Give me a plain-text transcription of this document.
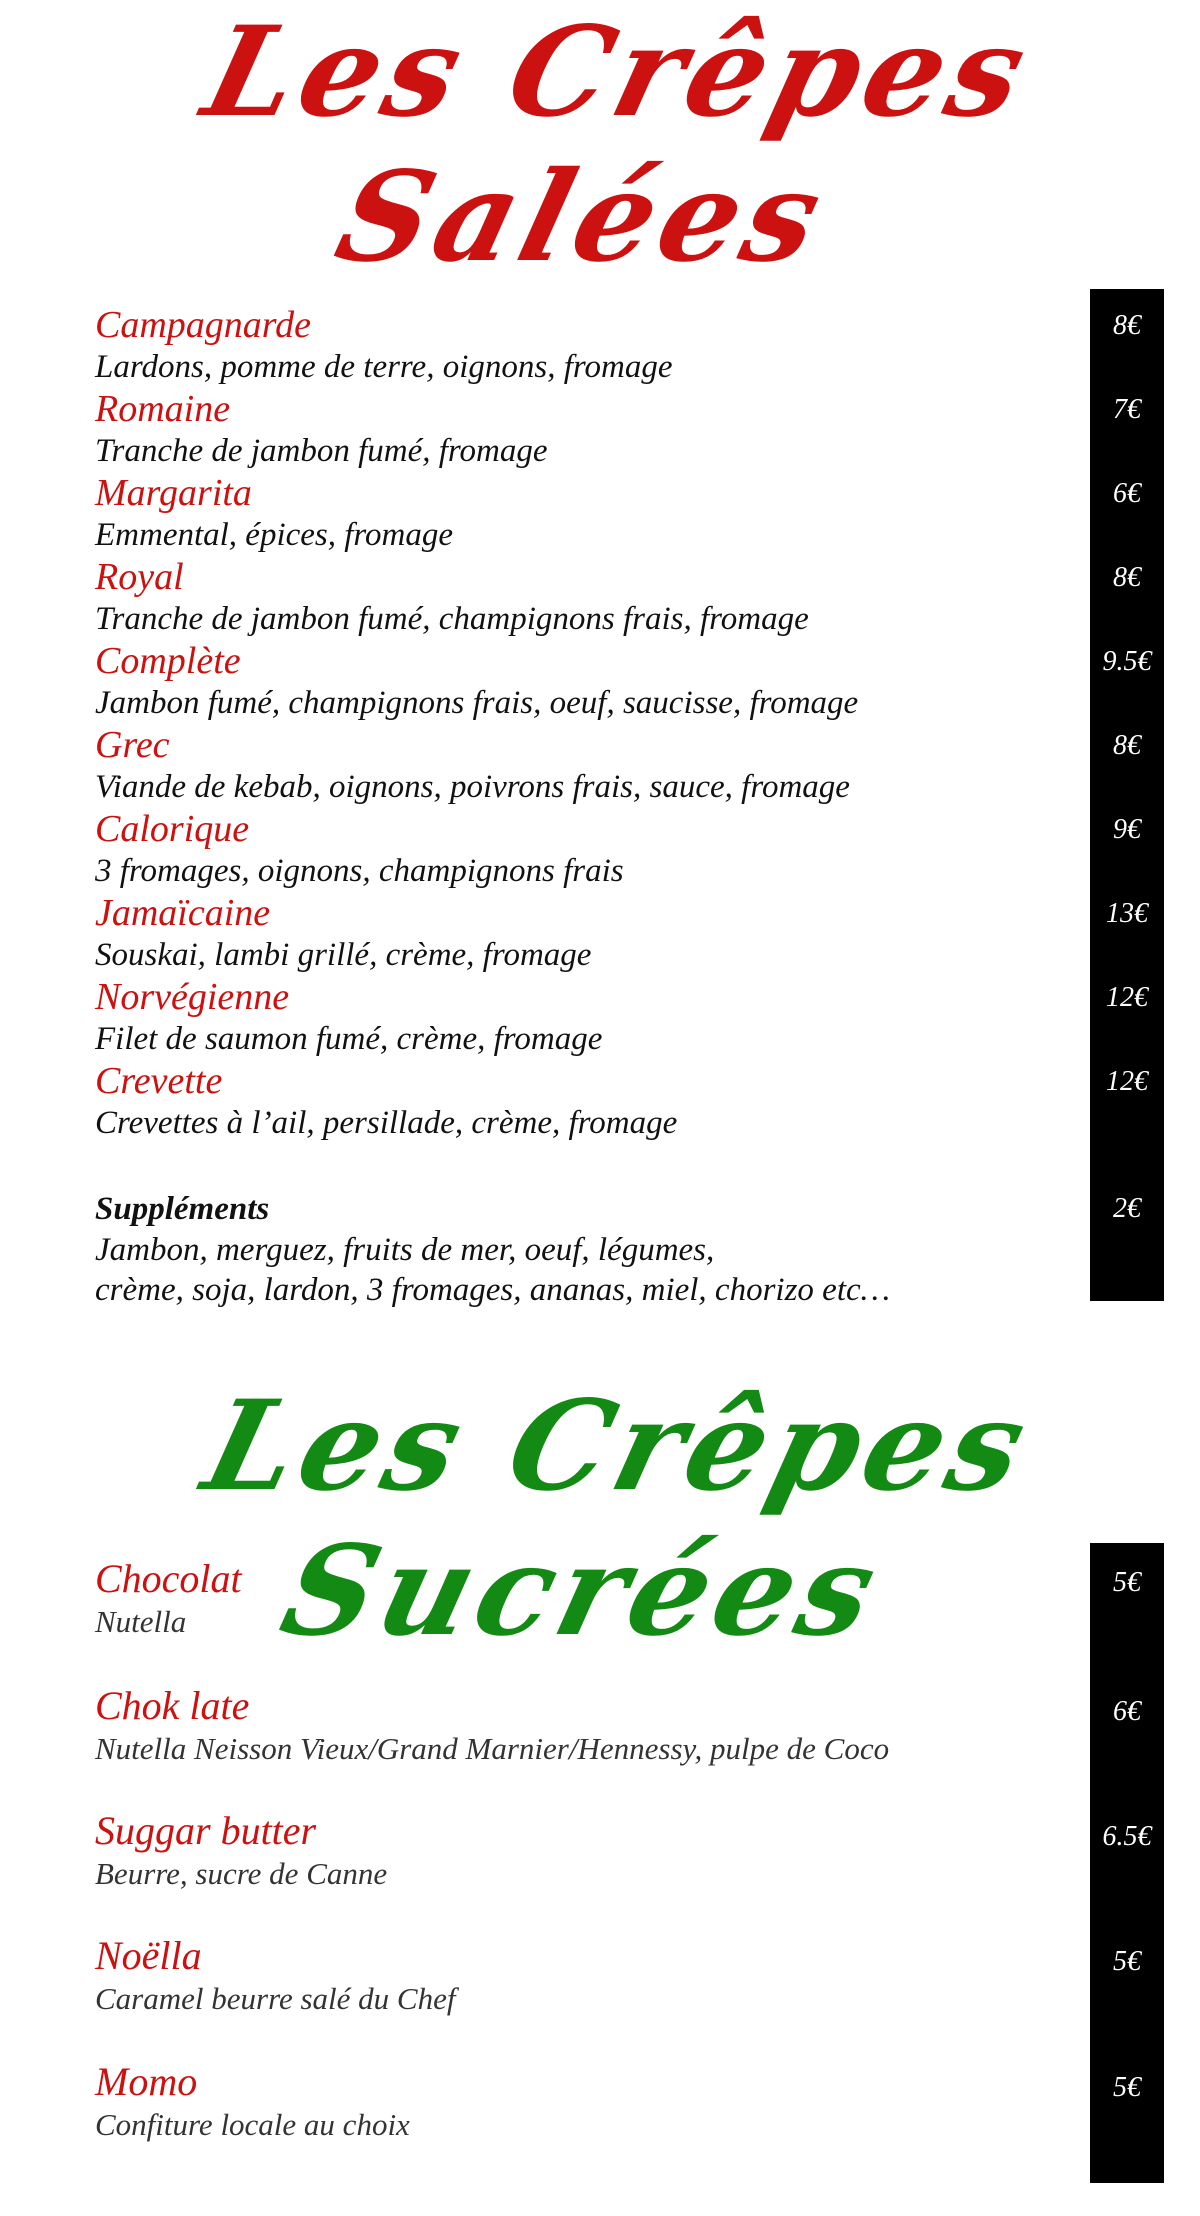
Les Crêpes Salées
Campagnarde
Lardons, pomme de terre, oignons, fromage
8€
Romaine
Tranche de jambon fumé, fromage
7€
Margarita
Emmental, épices, fromage
6€
Royal
Tranche de jambon fumé, champignons frais, fromage
8€
Complète
Jambon fumé, champignons frais, oeuf, saucisse, fromage
9.5€
Grec
Viande de kebab, oignons, poivrons frais, sauce, fromage
8€
Calorique
3 fromages, oignons, champignons frais
9€
Jamaïcaine
Souskai, lambi grillé, crème, fromage
13€
Norvégienne
Filet de saumon fumé, crème, fromage
12€
Crevette
Crevettes à l’ail, persillade, crème, fromage
12€
Suppléments
Jambon, merguez, fruits de mer, oeuf, légumes,
crème, soja, lardon, 3 fromages, ananas, miel, chorizo etc…
2€
Les Crêpes Sucrées
Chocolat
Nutella
5€
Chok late
Nutella Neisson Vieux/Grand Marnier/Hennessy, pulpe de Coco
6€
Suggar butter
Beurre, sucre de Canne
6.5€
Noëlla
Caramel beurre salé du Chef
5€
Momo
Confiture locale au choix
5€
